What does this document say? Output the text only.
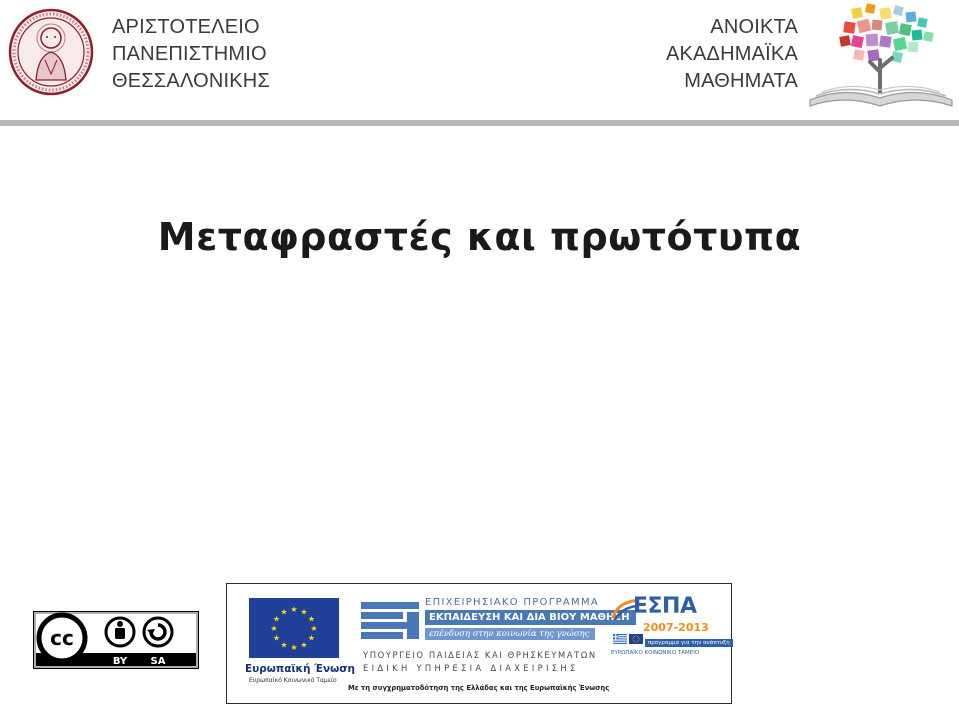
ΑΡΙΣΤΟΤΕΛΕΙΟ
ΠΑΝΕΠΙΣΤΗΜΙΟ
ΘΕΣΣΑΛΟΝΙΚΗΣ
ΑΝΟΙΚΤΑ
ΑΚΑΔΗΜΑΪΚΑ
ΜΑΘΗΜΑΤΑ
Μεταφραστές και πρωτότυπα
cc
BY SA
★ ★
★
★
★
★
★
★
★
★
★
★
Ευρωπαϊκή Ένωση
Ευρωπαϊκό Κοινωνικό Ταμείο
ΕΠΙΧΕΙΡΗΣΙΑΚΟ ΠΡΟΓΡΑΜΜΑ
ΕΚΠΑΙΔΕΥΣΗ ΚΑΙ ΔΙΑ ΒΙΟΥ ΜΑΘΗΣΗ
επένδυση στην κοινωνία της γνώσης
ΥΠΟΥΡΓΕΙΟ ΠΑΙΔΕΙΑΣ ΚΑΙ ΘΡΗΣΚΕΥΜΑΤΩΝ
ΕΙΔΙΚΗ ΥΠΗΡΕΣΙΑ ΔΙΑΧΕΙΡΙΣΗΣ
Με τη συγχρηματοδότηση της Ελλάδας και της Ευρωπαϊκής Ένωσης
ΕΣΠΑ
2007-2013
πρόγραμμα για την ανάπτυξη
ΕΥΡΩΠΑΪΚΟ ΚΟΙΝΩΝΙΚΟ ΤΑΜΕΙΟ
